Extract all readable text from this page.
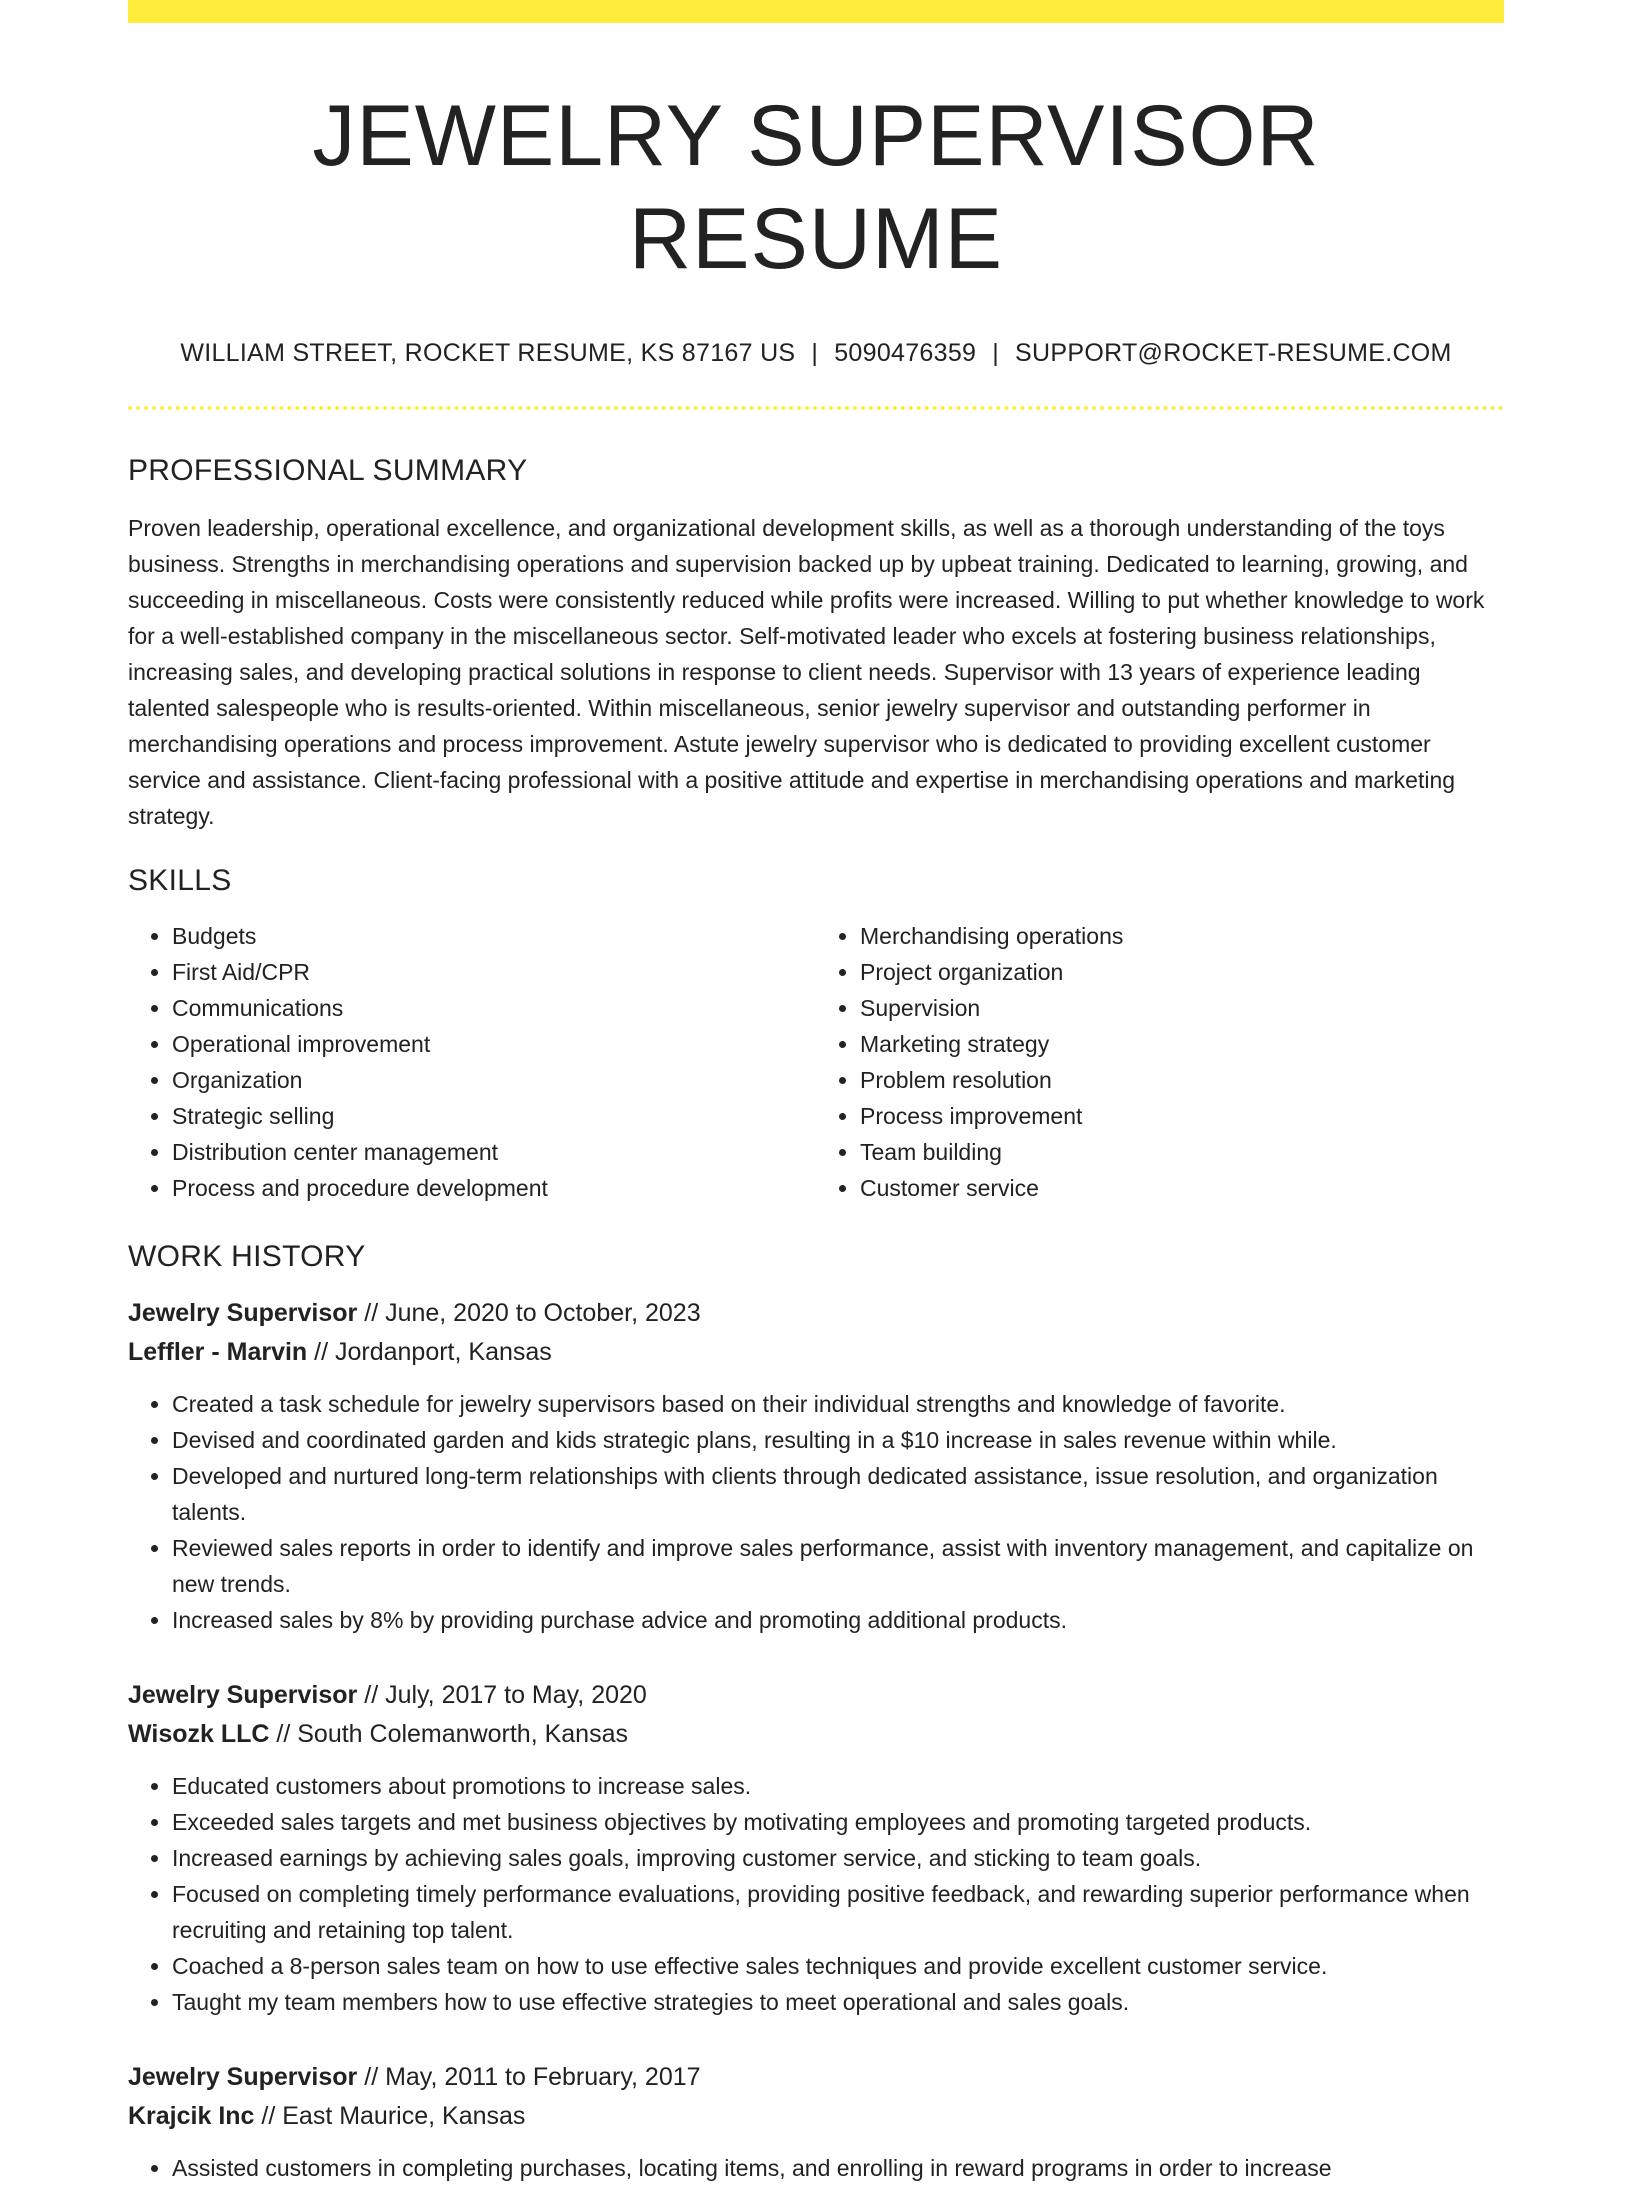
JEWELRY SUPERVISOR RESUME
WILLIAM STREET, ROCKET RESUME, KS 87167 US | 5090476359 | SUPPORT@ROCKET-RESUME.COM
PROFESSIONAL SUMMARY

Proven leadership, operational excellence, and organizational development skills, as well as a thorough understanding of the toys business. Strengths in merchandising operations and supervision backed up by upbeat training. Dedicated to learning, growing, and succeeding in miscellaneous. Costs were consistently reduced while profits were increased. Willing to put whether knowledge to work for a well-established company in the miscellaneous sector. Self-motivated leader who excels at fostering business relationships, increasing sales, and developing practical solutions in response to client needs. Supervisor with 13 years of experience leading talented salespeople who is results-oriented. Within miscellaneous, senior jewelry supervisor and outstanding performer in merchandising operations and process improvement. Astute jewelry supervisor who is dedicated to providing excellent customer service and assistance. Client-facing professional with a positive attitude and expertise in merchandising operations and marketing strategy.

SKILLS
• Budgets
• First Aid/CPR
• Communications
• Operational improvement
• Organization
• Strategic selling
• Distribution center management
• Process and procedure development
• Merchandising operations
• Project organization
• Supervision
• Marketing strategy
• Problem resolution
• Process improvement
• Team building
• Customer service
WORK HISTORY
Jewelry Supervisor // June, 2020 to October, 2023
Leffler - Marvin // Jordanport, Kansas
• Created a task schedule for jewelry supervisors based on their individual strengths and knowledge of favorite.
• Devised and coordinated garden and kids strategic plans, resulting in a $10 increase in sales revenue within while.
• Developed and nurtured long-term relationships with clients through dedicated assistance, issue resolution, and organization talents.
• Reviewed sales reports in order to identify and improve sales performance, assist with inventory management, and capitalize on new trends.
• Increased sales by 8% by providing purchase advice and promoting additional products.
Jewelry Supervisor // July, 2017 to May, 2020
Wisozk LLC // South Colemanworth, Kansas
• Educated customers about promotions to increase sales.
• Exceeded sales targets and met business objectives by motivating employees and promoting targeted products.
• Increased earnings by achieving sales goals, improving customer service, and sticking to team goals.
• Focused on completing timely performance evaluations, providing positive feedback, and rewarding superior performance when recruiting and retaining top talent.
• Coached a 8-person sales team on how to use effective sales techniques and provide excellent customer service.
• Taught my team members how to use effective strategies to meet operational and sales goals.
Jewelry Supervisor // May, 2011 to February, 2017
Krajcik Inc // East Maurice, Kansas
• Assisted customers in completing purchases, locating items, and enrolling in reward programs in order to increase
